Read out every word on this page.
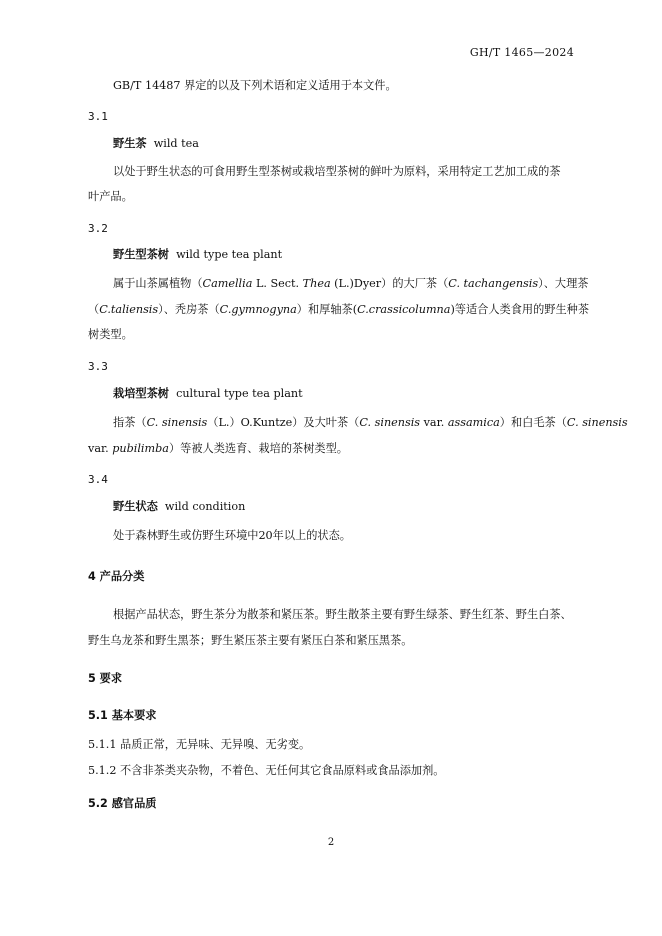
GH/T 1465—2024
GB/T 14487 界定的以及下列术语和定义适用于本文件。
3.1
野生茶 wild tea
以处于野生状态的可食用野生型茶树或栽培型茶树的鲜叶为原料，采用特定工艺加工成的茶
叶产品。
3.2
野生型茶树 wild type tea plant
属于山茶属植物（Camellia L. Sect. Thea (L.)Dyer）的大厂茶（C. tachangensis）、大理茶
（C.taliensis）、秃房茶（C.gymnogyna）和厚轴茶(C.crassicolumna)等适合人类食用的野生种茶
树类型。
3.3
栽培型茶树 cultural type tea plant
指茶（C. sinensis（L.）O.Kuntze）及大叶茶（C. sinensis var. assamica）和白毛茶（C. sinensis
var. pubilimba）等被人类选育、栽培的茶树类型。
3.4
野生状态 wild condition
处于森林野生或仿野生环境中20年以上的状态。
4 产品分类
根据产品状态，野生茶分为散茶和紧压茶。野生散茶主要有野生绿茶、野生红茶、野生白茶、
野生乌龙茶和野生黑茶；野生紧压茶主要有紧压白茶和紧压黑茶。
5 要求
5.1 基本要求
5.1.1 品质正常，无异味、无异嗅、无劣变。
5.1.2 不含非茶类夹杂物，不着色、无任何其它食品原料或食品添加剂。
5.2 感官品质
2
